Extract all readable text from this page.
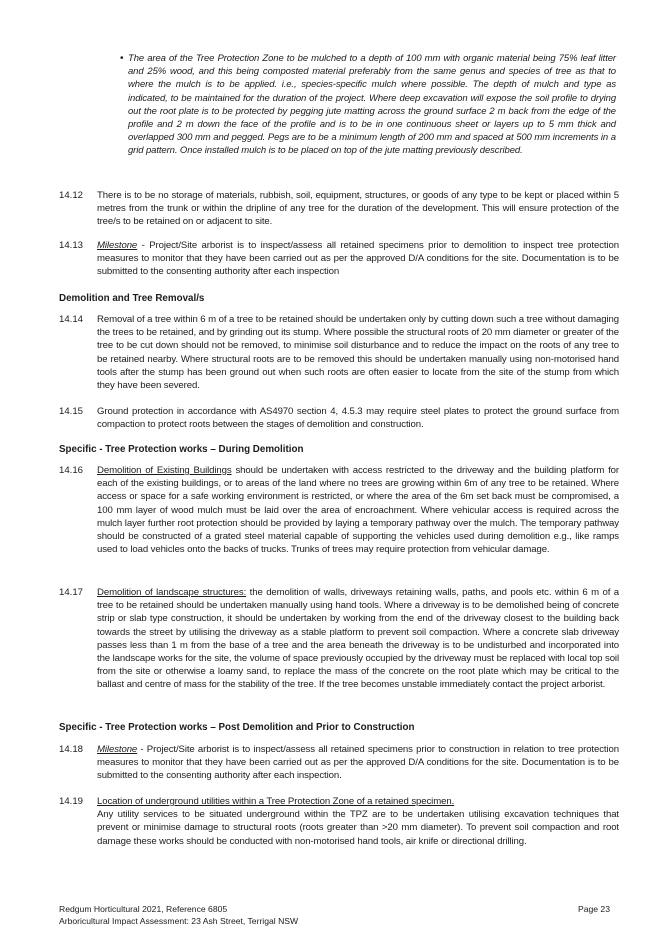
• The area of the Tree Protection Zone to be mulched to a depth of 100 mm with organic material being 75% leaf litter and 25% wood, and this being composted material preferably from the same genus and species of tree as that to where the mulch is to be applied. i.e., species-specific mulch where possible. The depth of mulch and type as indicated, to be maintained for the duration of the project. Where deep excavation will expose the soil profile to drying out the root plate is to be protected by pegging jute matting across the ground surface 2 m back from the edge of the profile and 2 m down the face of the profile and is to be in one continuous sheet or layers up to 5 mm thick and overlapped 300 mm and pegged. Pegs are to be a minimum length of 200 mm and spaced at 500 mm increments in a grid pattern. Once installed mulch is to be placed on top of the jute matting previously described.
14.12	There is to be no storage of materials, rubbish, soil, equipment, structures, or goods of any type to be kept or placed within 5 metres from the trunk or within the dripline of any tree for the duration of the development. This will ensure protection of the tree/s to be retained on or adjacent to site.
14.13	Milestone - Project/Site arborist is to inspect/assess all retained specimens prior to demolition to inspect tree protection measures to monitor that they have been carried out as per the approved D/A conditions for the site. Documentation is to be submitted to the consenting authority after each inspection
Demolition and Tree Removal/s
14.14	Removal of a tree within 6 m of a tree to be retained should be undertaken only by cutting down such a tree without damaging the trees to be retained, and by grinding out its stump. Where possible the structural roots of 20 mm diameter or greater of the tree to be cut down should not be removed, to minimise soil disturbance and to reduce the impact on the roots of any tree to be retained nearby. Where structural roots are to be removed this should be undertaken manually using non-motorised hand tools after the stump has been ground out when such roots are often easier to locate from the site of the stump from which they have been severed.
14.15	Ground protection in accordance with AS4970 section 4, 4.5.3 may require steel plates to protect the ground surface from compaction to protect roots between the stages of demolition and construction.
Specific - Tree Protection works – During Demolition
14.16	Demolition of Existing Buildings should be undertaken with access restricted to the driveway and the building platform for each of the existing buildings, or to areas of the land where no trees are growing within 6m of any tree to be retained. Where access or space for a safe working environment is restricted, or where the area of the 6m set back must be compromised, a 100 mm layer of wood mulch must be laid over the area of encroachment. Where vehicular access is required across the mulch layer further root protection should be provided by laying a temporary pathway over the mulch. The temporary pathway should be constructed of a grated steel material capable of supporting the vehicles used during demolition e.g., like ramps used to load vehicles onto the backs of trucks. Trunks of trees may require protection from vehicular damage.
14.17	Demolition of landscape structures: the demolition of walls, driveways retaining walls, paths, and pools etc. within 6 m of a tree to be retained should be undertaken manually using hand tools. Where a driveway is to be demolished being of concrete strip or slab type construction, it should be undertaken by working from the end of the driveway closest to the building back towards the street by utilising the driveway as a stable platform to prevent soil compaction. Where a concrete slab driveway passes less than 1 m from the base of a tree and the area beneath the driveway is to be undisturbed and incorporated into the landscape works for the site, the volume of space previously occupied by the driveway must be replaced with local top soil from the site or otherwise a loamy sand, to replace the mass of the concrete on the root plate which may be critical to the ballast and centre of mass for the stability of the tree. If the tree becomes unstable immediately contact the project arborist.
Specific - Tree Protection works – Post Demolition and Prior to Construction
14.18	Milestone - Project/Site arborist is to inspect/assess all retained specimens prior to construction in relation to tree protection measures to monitor that they have been carried out as per the approved D/A conditions for the site. Documentation is to be submitted to the consenting authority after each inspection.
14.19	Location of underground utilities within a Tree Protection Zone of a retained specimen.
Any utility services to be situated underground within the TPZ are to be undertaken utilising excavation techniques that prevent or minimise damage to structural roots (roots greater than >20 mm diameter). To prevent soil compaction and root damage these works should be conducted with non-motorised hand tools, air knife or directional drilling.
Redgum Horticultural 2021, Reference 6805
Arboricultural Impact Assessment: 23 Ash Street, Terrigal NSW
Page 23
